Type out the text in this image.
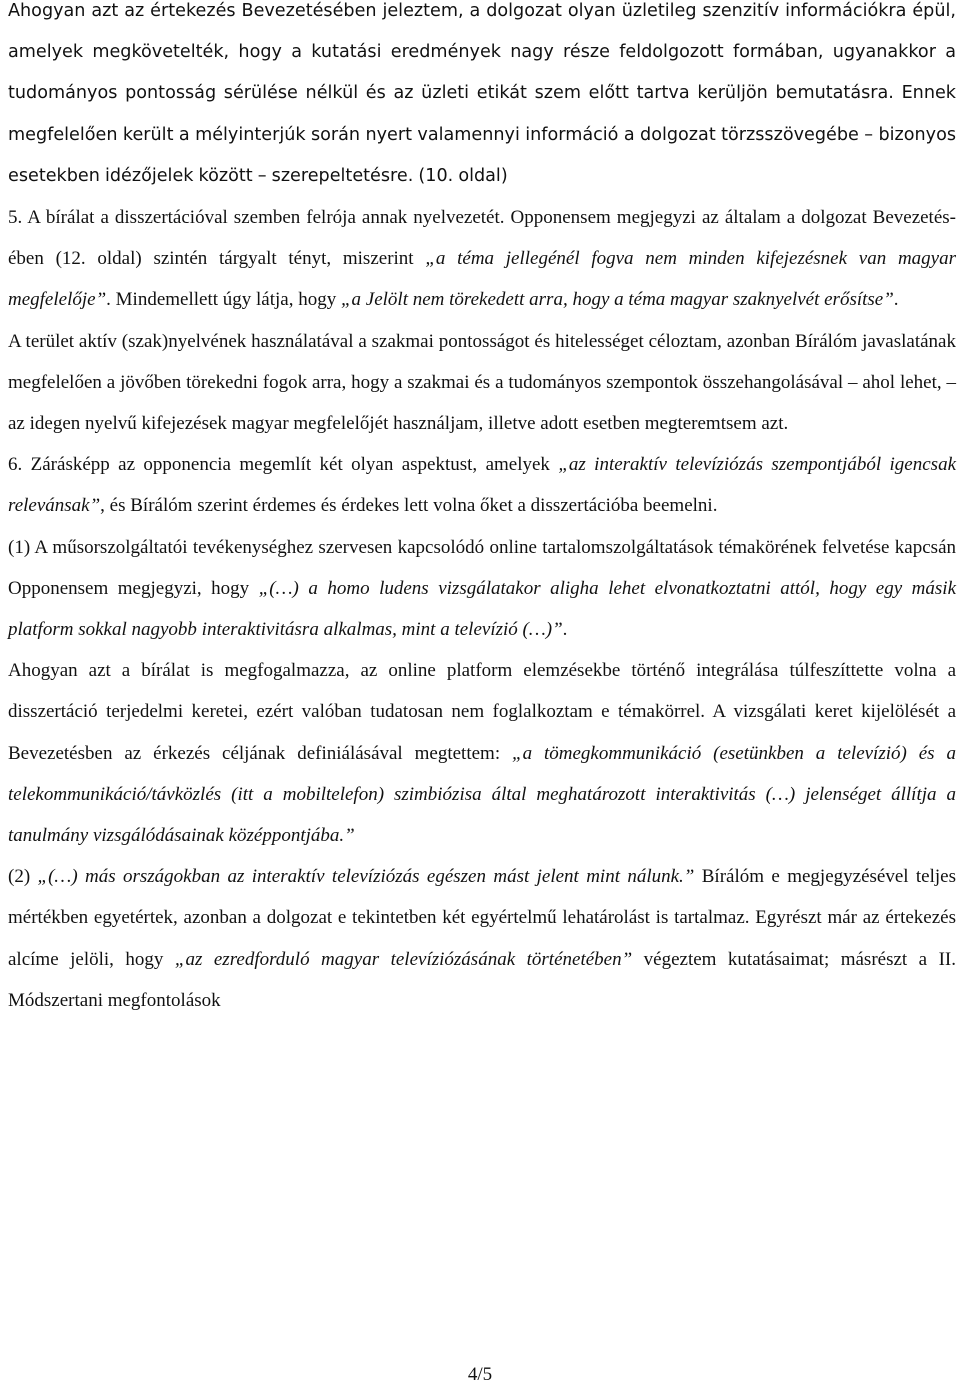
Ahogyan azt az értekezés Bevezetésében jeleztem, a dolgozat olyan üzletileg szenzitív információkra épül, amelyek megkövetelték, hogy a kutatási eredmények nagy része feldolgozott formában, ugyanakkor a tudományos pontosság sérülése nélkül és az üzleti etikát szem előtt tartva kerüljön bemutatásra. Ennek megfelelően került a mélyinterjúk során nyert valamennyi információ a dolgozat törzsszövegébe – bizonyos esetekben idézőjelek között – szerepeltetésre. (10. oldal)

5. A bírálat a disszertációval szemben felrója annak nyelvezetét. Opponensem megjegyzi az általam a dolgozat Bevezetés-ében (12. oldal) szintén tárgyalt tényt, miszerint „a téma jellegénél fogva nem minden kifejezésnek van magyar megfelelője”. Mindemellett úgy látja, hogy „a Jelölt nem törekedett arra, hogy a téma magyar szaknyelvét erősítse”.

A terület aktív (szak)nyelvének használatával a szakmai pontosságot és hitelességet céloztam, azonban Bírálóm javaslatának megfelelően a jövőben törekedni fogok arra, hogy a szakmai és a tudományos szempontok összehangolásával – ahol lehet, – az idegen nyelvű kifejezések magyar megfelelőjét használjam, illetve adott esetben megteremtsem azt.

6. Zárásképp az opponencia megemlít két olyan aspektust, amelyek „az interaktív televíziózás szempontjából igencsak relevánsak”, és Bírálóm szerint érdemes és érdekes lett volna őket a disszertációba beemelni.

(1) A műsorszolgáltatói tevékenységhez szervesen kapcsolódó online tartalomszolgáltatások témakörének felvetése kapcsán Opponensem megjegyzi, hogy „(…) a homo ludens vizsgálatakor aligha lehet elvonatkoztatni attól, hogy egy másik platform sokkal nagyobb interaktivitásra alkalmas, mint a televízió (…)”.

Ahogyan azt a bírálat is megfogalmazza, az online platform elemzésekbe történő integrálása túlfeszíttette volna a disszertáció terjedelmi keretei, ezért valóban tudatosan nem foglalkoztam e témakörrel. A vizsgálati keret kijelölését a Bevezetésben az érkezés céljának definiálásával megtettem: „a tömegkommunikáció (esetünkben a televízió) és a telekommunikáció/távközlés (itt a mobiltelefon) szimbiózisa által meghatározott interaktivitás (…) jelenséget állítja a tanulmány vizsgálódásainak középpontjába.”

(2) „(…) más országokban az interaktív televíziózás egészen mást jelent mint nálunk.” Bírálóm e megjegyzésével teljes mértékben egyetértek, azonban a dolgozat e tekintetben két egyértelmű lehatárolást is tartalmaz. Egyrészt már az értekezés alcíme jelöli, hogy „az ezredforduló magyar televíziózásának történetében” végeztem kutatásaimat; másrészt a II. Módszertani megfontolások

4/5
